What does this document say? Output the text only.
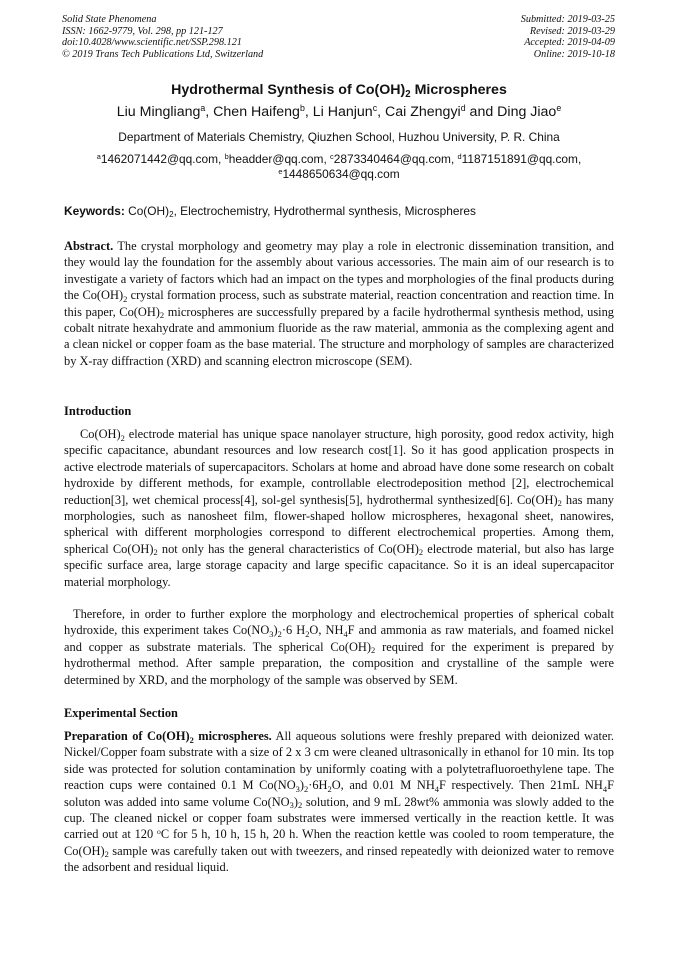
Solid State Phenomena
ISSN: 1662-9779, Vol. 298, pp 121-127
doi:10.4028/www.scientific.net/SSP.298.121
© 2019 Trans Tech Publications Ltd, Switzerland
Submitted: 2019-03-25
Revised: 2019-03-29
Accepted: 2019-04-09
Online: 2019-10-18
Hydrothermal Synthesis of $Co(OH)_2$ Microspheres
Liu Mingliang$^a$, Chen Haifeng$^b$, Li Hanjun$^c$, Cai Zhengyi$^d$ and Ding Jiao$^e$
Department of Materials Chemistry, Qiuzhen School, Huzhou University, P. R. China
$^a$1462071442@qq.com, $^b$headder@qq.com, $^c$2873340464@qq.com, $^d$1187151891@qq.com,
$^e$1448650634@qq.com
Keywords: $Co(OH)_2$, Electrochemistry, Hydrothermal synthesis, Microspheres

Abstract. The crystal morphology and geometry may play a role in electronic dissemination transition, and they would lay the foundation for the assembly about various accessories. The main aim of our research is to investigate a variety of factors which had an impact on the types and morphologies of the final products during the $Co(OH)_2$ crystal formation process, such as substrate material, reaction concentration and reaction time. In this paper, $Co(OH)_2$ microspheres are successfully prepared by a facile hydrothermal synthesis method, using cobalt nitrate hexahydrate and ammonium fluoride as the raw material, ammonia as the complexing agent and a clean nickel or copper foam as the base material. The structure and morphology of samples are characterized by X-ray diffraction (XRD) and scanning electron microscope (SEM).

Introduction

$Co(OH)_2$ electrode material has unique space nanolayer structure, high porosity, good redox activity, high specific capacitance, abundant resources and low research cost[1]. So it has good application prospects in active electrode materials of supercapacitors. Scholars at home and abroad have done some research on cobalt hydroxide by different methods, for example, controllable electrodeposition method [2], electrochemical reduction[3], wet chemical process[4], sol-gel synthesis[5], hydrothermal synthesized[6]. $Co(OH)_2$ has many morphologies, such as nanosheet film, flower-shaped hollow microspheres, hexagonal sheet, nanowires, spherical with different morphologies correspond to different electrochemical properties. Among them, spherical $Co(OH)_2$ not only has the general characteristics of $Co(OH)_2$ electrode material, but also has large specific surface area, large storage capacity and large specific capacitance. So it is an ideal supercapacitor material morphology.

Therefore, in order to further explore the morphology and electrochemical properties of spherical cobalt hydroxide, this experiment takes $Co(NO_3)_2\cdot 6$ $H_2O$, $NH_4F$ and ammonia as raw materials, and foamed nickel and copper as substrate materials. The spherical $Co(OH)_2$ required for the experiment is prepared by hydrothermal method. After sample preparation, the composition and crystalline of the sample were determined by XRD, and the morphology of the sample was observed by SEM.

Experimental Section

Preparation of $Co(OH)_2$ microspheres. All aqueous solutions were freshly prepared with deionized water. Nickel/Copper foam substrate with a size of 2 x 3 cm were cleaned ultrasonically in ethanol for 10 min. Its top side was protected for solution contamination by uniformly coating with a polytetrafluoroethylene tape. The reaction cups were contained 0.1 M $Co(NO_3)_2\cdot 6H_2O$, and 0.01 M $NH_4F$ respectively. Then 21mL $NH_4F$ soluton was added into same volume $Co(NO_3)_2$ solution, and 9 mL 28wt% ammonia was slowly added to the cup. The cleaned nickel or copper foam substrates were immersed vertically in the reaction kettle. It was carried out at 120 $^o$C for 5 h, 10 h, 15 h, 20 h. When the reaction kettle was cooled to room temperature, the $Co(OH)_2$ sample was carefully taken out with tweezers, and rinsed repeatedly with deionized water to remove the adsorbent and residual liquid.
